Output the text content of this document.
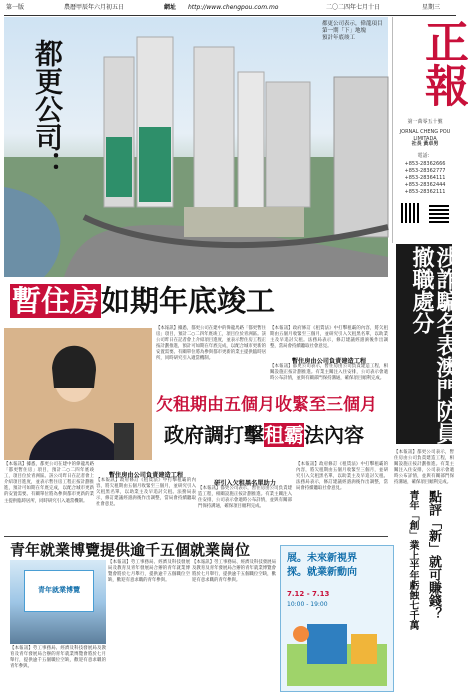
第一版	農曆甲辰年六月初五日	網址 http://www.chengpou.com.mo	二〇二四年七月十日	星期三
都更公司：
都更公司表示，偉龍項目第一期「下」地塊
預計年底竣工	正報
第一萬零五十號
JORNAL CHENG POU LIMITADA
社長 黃卓男
電話：
+853-28362666
+853-28362777
+853-28364111
+853-28362444
+853-28362111
涉詐騙名表澳門防員撤職處分
暫住房如期年底竣工
【本報訊】據悉，都更公司在建中的偉龍馬路「都更暫住房」項目，預計二○二四年底竣工，項目位於青洲區。該公司昨日在記者會上介紹項目進度，並表示暫住房工程正按計劃推進，預計可如期在年底完成，以配合城市更新的安置需要。有關單位將為參與都市更新的業主提供臨時居所，同時研究引入適當機制。
【本報訊】政府修訂《租賃法》中打擊租霸的內容，將欠租期由五個月收緊至三個月，並研究引入欠租黑名單，以助業主及早追討欠租。法務局表示，修訂建議經諮詢後作出調整，當局會持續聽取社會意見。
暫住房由公司負責建造工程
【本報訊】都更公司表示，暫住房由公司負責建造工程，相關設施正按計劃推進。有業主關注入住安排，公司表示會適時公布詳情，並與有關部門保持溝通，確保項目順利完成。
欠租期由五個月收緊至三個月
政府調打擊租霸法內容
【本報訊】據悉，都更公司在建中的偉龍馬路「都更暫住房」項目，預計二○二四年底竣工，項目位於青洲區。該公司昨日在記者會上介紹項目進度，並表示暫住房工程正按計劃推進，預計可如期在年底完成，以配合城市更新的安置需要。有關單位將為參與都市更新的業主提供臨時居所，同時研究引入適當機制。
暫住房由公司負責建造工程
【本報訊】政府修訂《租賃法》中打擊租霸的內容，將欠租期由五個月收緊至三個月，並研究引入欠租黑名單，以助業主及早追討欠租。法務局表示，修訂建議經諮詢後作出調整，當局會持續聽取社會意見。
研引入欠租黑名單助力
【本報訊】都更公司表示，暫住房由公司負責建造工程，相關設施正按計劃推進。有業主關注入住安排，公司表示會適時公布詳情，並與有關部門保持溝通，確保項目順利完成。
【本報訊】政府修訂《租賃法》中打擊租霸的內容，將欠租期由五個月收緊至三個月，並研究引入欠租黑名單，以助業主及早追討欠租。法務局表示，修訂建議經諮詢後作出調整，當局會持續聽取社會意見。
青年就業博覽提供逾千五個就業崗位
青年就業博覽
【本報訊】勞工事務局、經濟及科技發展局及教育及青年發展局合辦的青年就業博覽會將於七月舉行，提供逾千五個職位空缺，歡迎有意求職的青年參與。
【本報訊】勞工事務局、經濟及科技發展局及教育及青年發展局合辦的青年就業博覽會將於七月舉行，提供逾千五個職位空缺，歡迎有意求職的青年參與。
【本報訊】勞工事務局、經濟及科技發展局及教育及青年發展局合辦的青年就業博覽會將於七月舉行，提供逾千五個職位空缺，歡迎有意求職的青年參與。
展。未來新視界
探。就業新動向
7.12 - 7.13
10:00 - 19:00
【本報訊】都更公司表示，暫住房由公司負責建造工程，相關設施正按計劃推進。有業主關注入住安排，公司表示會適時公布詳情，並與有關部門保持溝通，確保項目順利完成。
點評「新」就可賺錢？
青年「創」業上半年虧蝕七千萬
